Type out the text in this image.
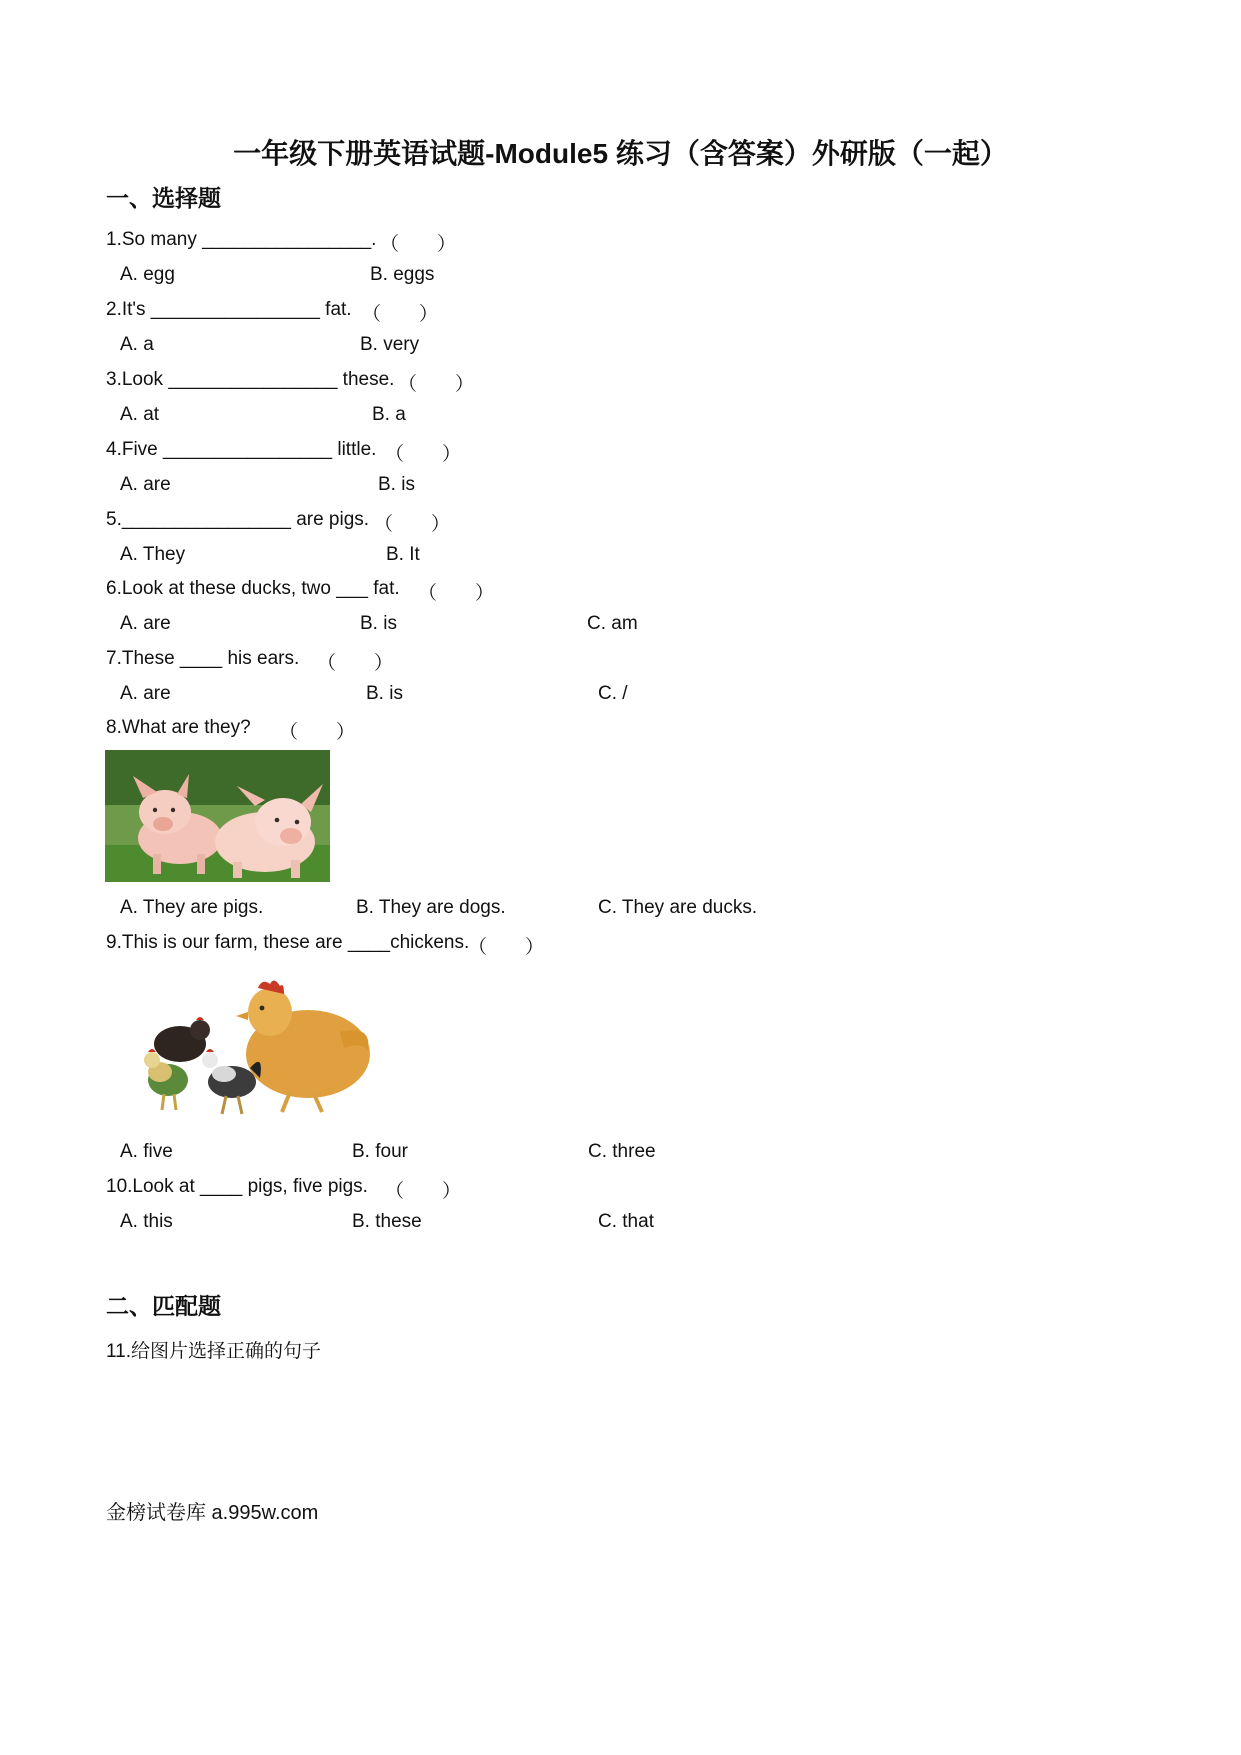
一年级下册英语试题-Module5 练习（含答案）外研版（一起）
一、选择题
1.So many ________________. （　　）
A. egg	B. eggs
2.It's ________________ fat. （　　）
A. a	B. very
3.Look ________________ these. （　　）
A. at	B. a
4.Five ________________ little. （　　）
A. are	B. is
5.________________ are pigs. （　　）
A. They	B. It
6.Look at these ducks, two ___ fat. （　　）
A. are	B. is	C. am
7.These ____ his ears. （　　）
A. are	B. is	C. /
8.What are they? （　　）
A. They are pigs.	B. They are dogs.	C. They are ducks.
9.This is our farm, these are ____chickens.
（　　）
A. five	B. four	C. three
10.Look at ____ pigs, five pigs. （　　）
A. this	B. these	C. that
二、匹配题
11.给图片选择正确的句子
金榜试卷库 a.995w.com
